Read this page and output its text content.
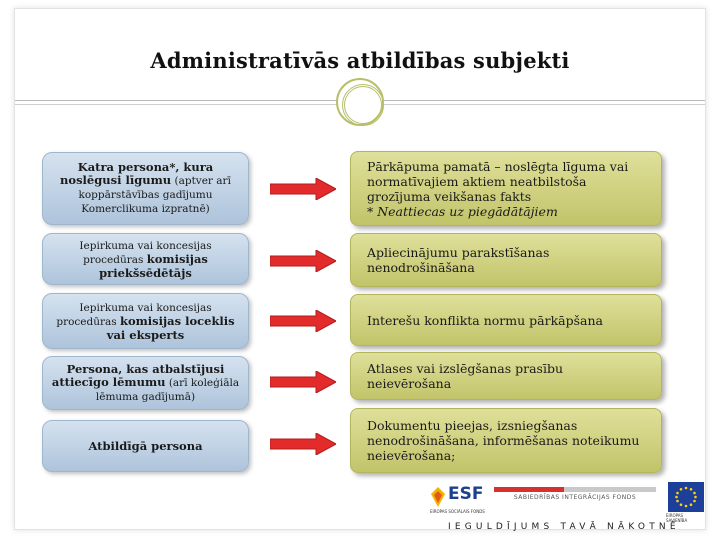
Administratīvās atbildības subjekti
Katra persona*, kura noslēgusi līgumu (aptver arī koppārstāvības gadījumu Komerclikuma izpratnē)
Iepirkuma vai koncesijas procedūras komisijas priekšsēdētājs
Iepirkuma vai koncesijas procedūras komisijas loceklis vai eksperts
Persona, kas atbalstījusi attiecīgo lēmumu (arī koleģiāla lēmuma gadījumā)
Atbildīgā persona
Pārkāpuma pamatā – noslēgta līguma vai normatīvajiem aktiem neatbilstoša grozījuma veikšanas fakts
* Neattiecas uz piegādātājiem
Apliecinājumu parakstīšanas nenodrošināšana
Interešu konflikta normu pārkāpšana
Atlases vai izslēgšanas prasību neievērošana
Dokumentu pieejas, izsniegšanas nenodrošināšana, informēšanas noteikumu neievērošana;
ESF
EIROPAS SOCIĀLAIS FONDS
SABIEDRĪBAS INTEGRĀCIJAS FONDS
EIROPAS SAVIENĪBA
IEGULDĪJUMS TAVĀ NĀKOTNĒ
